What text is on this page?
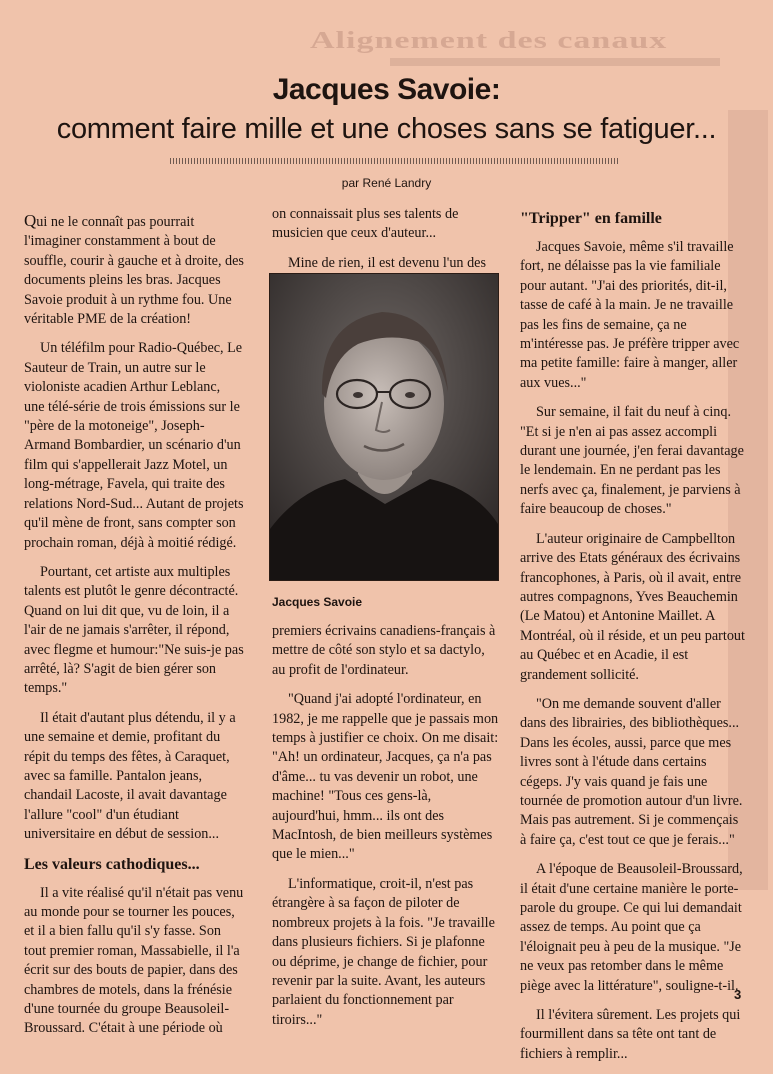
Alignement des canaux
Jacques Savoie:
comment faire mille et une choses sans se fatiguer...
par René Landry

Qui ne le connaît pas pourrait l'imaginer constamment à bout de souffle, courir à gauche et à droite, des documents pleins les bras. Jacques Savoie produit à un rythme fou. Une véritable PME de la création!

Un téléfilm pour Radio-Québec, Le Sauteur de Train, un autre sur le violoniste acadien Arthur Leblanc, une télé-série de trois émissions sur le "père de la motoneige", Joseph-Armand Bombardier, un scénario d'un film qui s'appellerait Jazz Motel, un long-métrage, Favela, qui traite des relations Nord-Sud... Autant de projets qu'il mène de front, sans compter son prochain roman, déjà à moitié rédigé.

Pourtant, cet artiste aux multiples talents est plutôt le genre décontracté. Quand on lui dit que, vu de loin, il a l'air de ne jamais s'arrêter, il répond, avec flegme et humour:"Ne suis-je pas arrêté, là? S'agit de bien gérer son temps."

Il était d'autant plus détendu, il y a une semaine et demie, profitant du répit du temps des fêtes, à Caraquet, avec sa famille. Pantalon jeans, chandail Lacoste, il avait davantage l'allure "cool" d'un étudiant universitaire en début de session...

Les valeurs cathodiques...

Il a vite réalisé qu'il n'était pas venu au monde pour se tourner les pouces, et il a bien fallu qu'il s'y fasse. Son tout premier roman, Massabielle, il l'a écrit sur des bouts de papier, dans des chambres de motels, dans la frénésie d'une tournée du groupe Beausoleil-Broussard. C'était à une période où

on connaissait plus ses talents de musicien que ceux d'auteur...

Mine de rien, il est devenu l'un des

Jacques Savoie

premiers écrivains canadiens-français à mettre de côté son stylo et sa dactylo, au profit de l'ordinateur.

"Quand j'ai adopté l'ordinateur, en 1982, je me rappelle que je passais mon temps à justifier ce choix. On me disait: "Ah! un ordinateur, Jacques, ça n'a pas d'âme... tu vas devenir un robot, une machine! "Tous ces gens-là, aujourd'hui, hmm... ils ont des MacIntosh, de bien meilleurs systèmes que le mien..."

L'informatique, croit-il, n'est pas étrangère à sa façon de piloter de nombreux projets à la fois. "Je travaille dans plusieurs fichiers. Si je plafonne ou déprime, je change de fichier, pour revenir par la suite. Avant, les auteurs parlaient du fonctionnement par tiroirs..."

"Tripper" en famille

Jacques Savoie, même s'il travaille fort, ne délaisse pas la vie familiale pour autant. "J'ai des priorités, dit-il, tasse de café à la main. Je ne travaille pas les fins de semaine, ça ne m'intéresse pas. Je préfère tripper avec ma petite famille: faire à manger, aller aux vues..."

Sur semaine, il fait du neuf à cinq. "Et si je n'en ai pas assez accompli durant une journée, j'en ferai davantage le lendemain. En ne perdant pas les nerfs avec ça, finalement, je parviens à faire beaucoup de choses."

L'auteur originaire de Campbellton arrive des Etats généraux des écrivains francophones, à Paris, où il avait, entre autres compagnons, Yves Beauchemin (Le Matou) et Antonine Maillet. A Montréal, où il réside, et un peu partout au Québec et en Acadie, il est grandement sollicité.

"On me demande souvent d'aller dans des librairies, des bibliothèques... Dans les écoles, aussi, parce que mes livres sont à l'étude dans certains cégeps. J'y vais quand je fais une tournée de promotion autour d'un livre. Mais pas autrement. Si je commençais à faire ça, c'est tout ce que je ferais..."

A l'époque de Beausoleil-Broussard, il était d'une certaine manière le porte-parole du groupe. Ce qui lui demandait assez de temps. Au point que ça l'éloignait peu à peu de la musique. "Je ne veux pas retomber dans le même piège avec la littérature", souligne-t-il.

Il l'évitera sûrement. Les projets qui fourmillent dans sa tête ont tant de fichiers à remplir...

3
